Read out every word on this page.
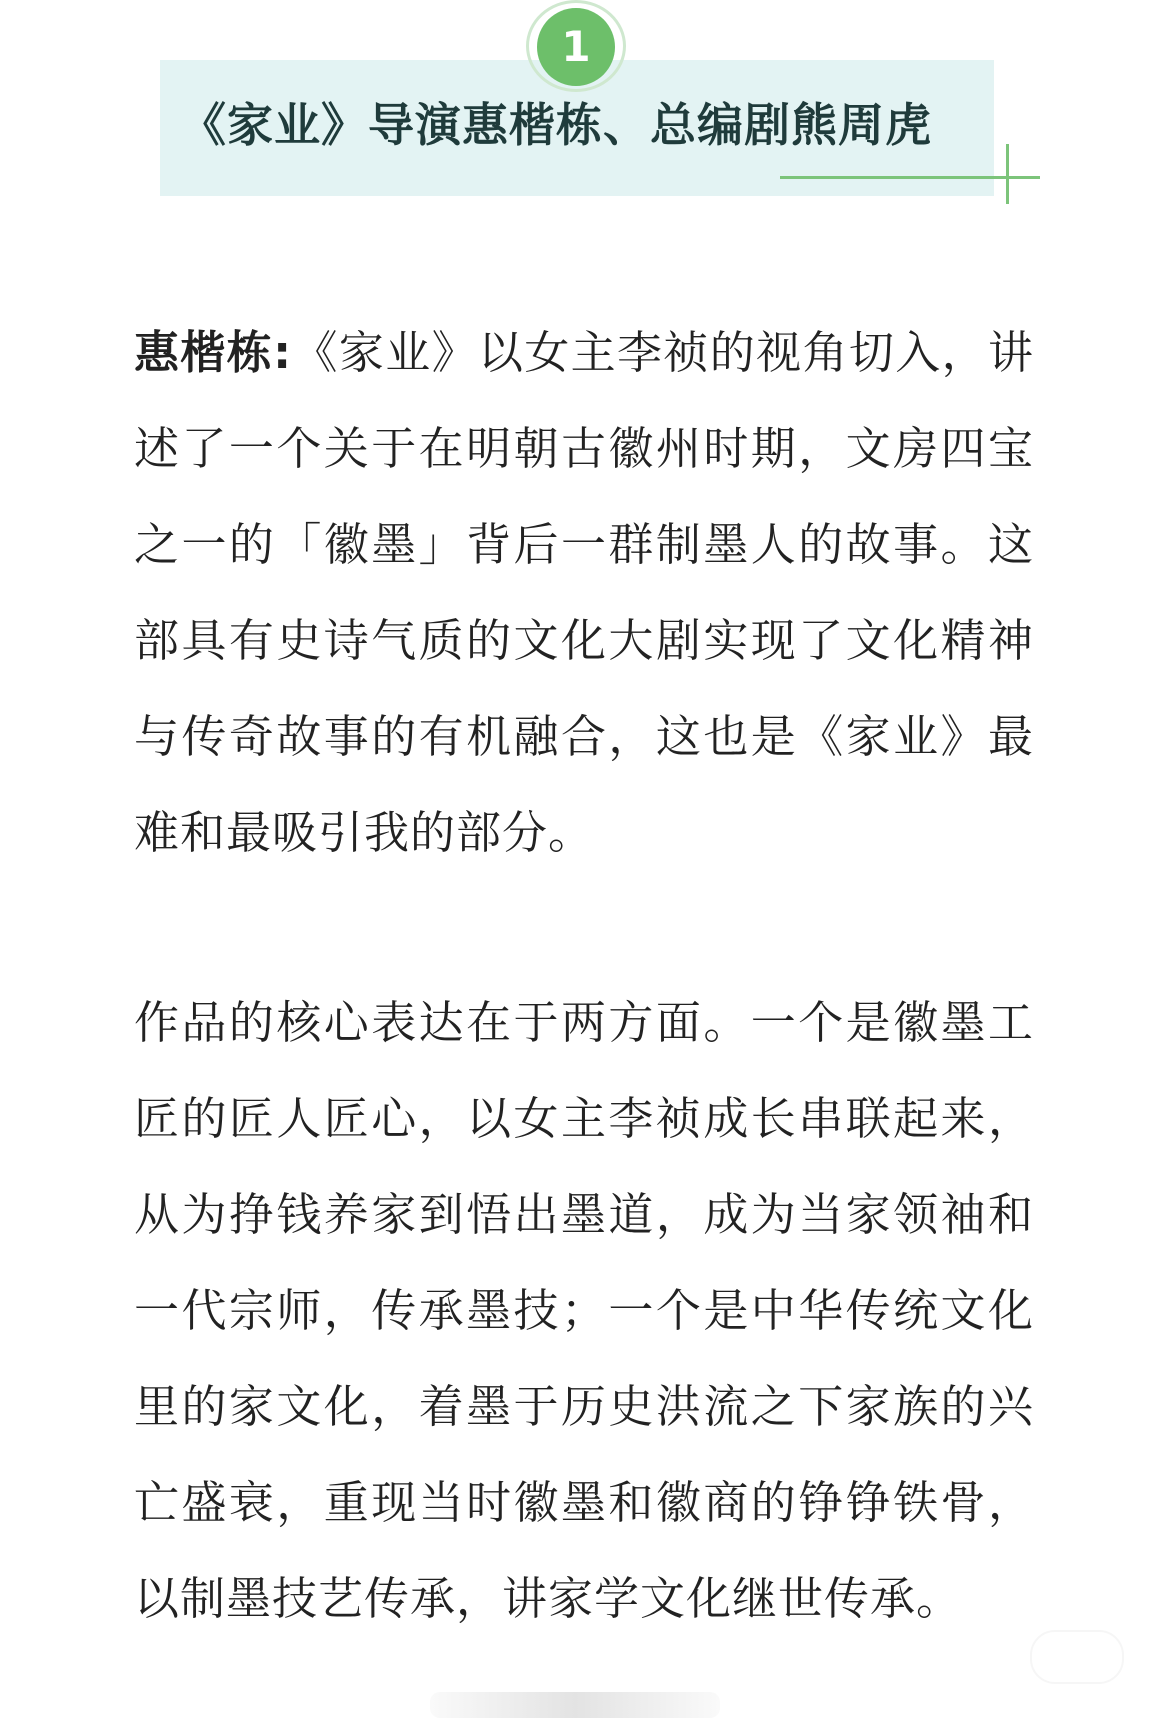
1
《家业》导演惠楷栋、总编剧熊周虎
惠楷栋:《家业》以女主李祯的视角切入，讲述了一个关于在明朝古徽州时期，文房四宝之一的「徽墨」背后一群制墨人的故事。这部具有史诗气质的文化大剧实现了文化精神与传奇故事的有机融合，这也是《家业》最难和最吸引我的部分。
作品的核心表达在于两方面。一个是徽墨工匠的匠人匠心，以女主李祯成长串联起来，从为挣钱养家到悟出墨道，成为当家领袖和一代宗师，传承墨技；一个是中华传统文化里的家文化，着墨于历史洪流之下家族的兴亡盛衰，重现当时徽墨和徽商的铮铮铁骨，以制墨技艺传承，讲家学文化继世传承。
